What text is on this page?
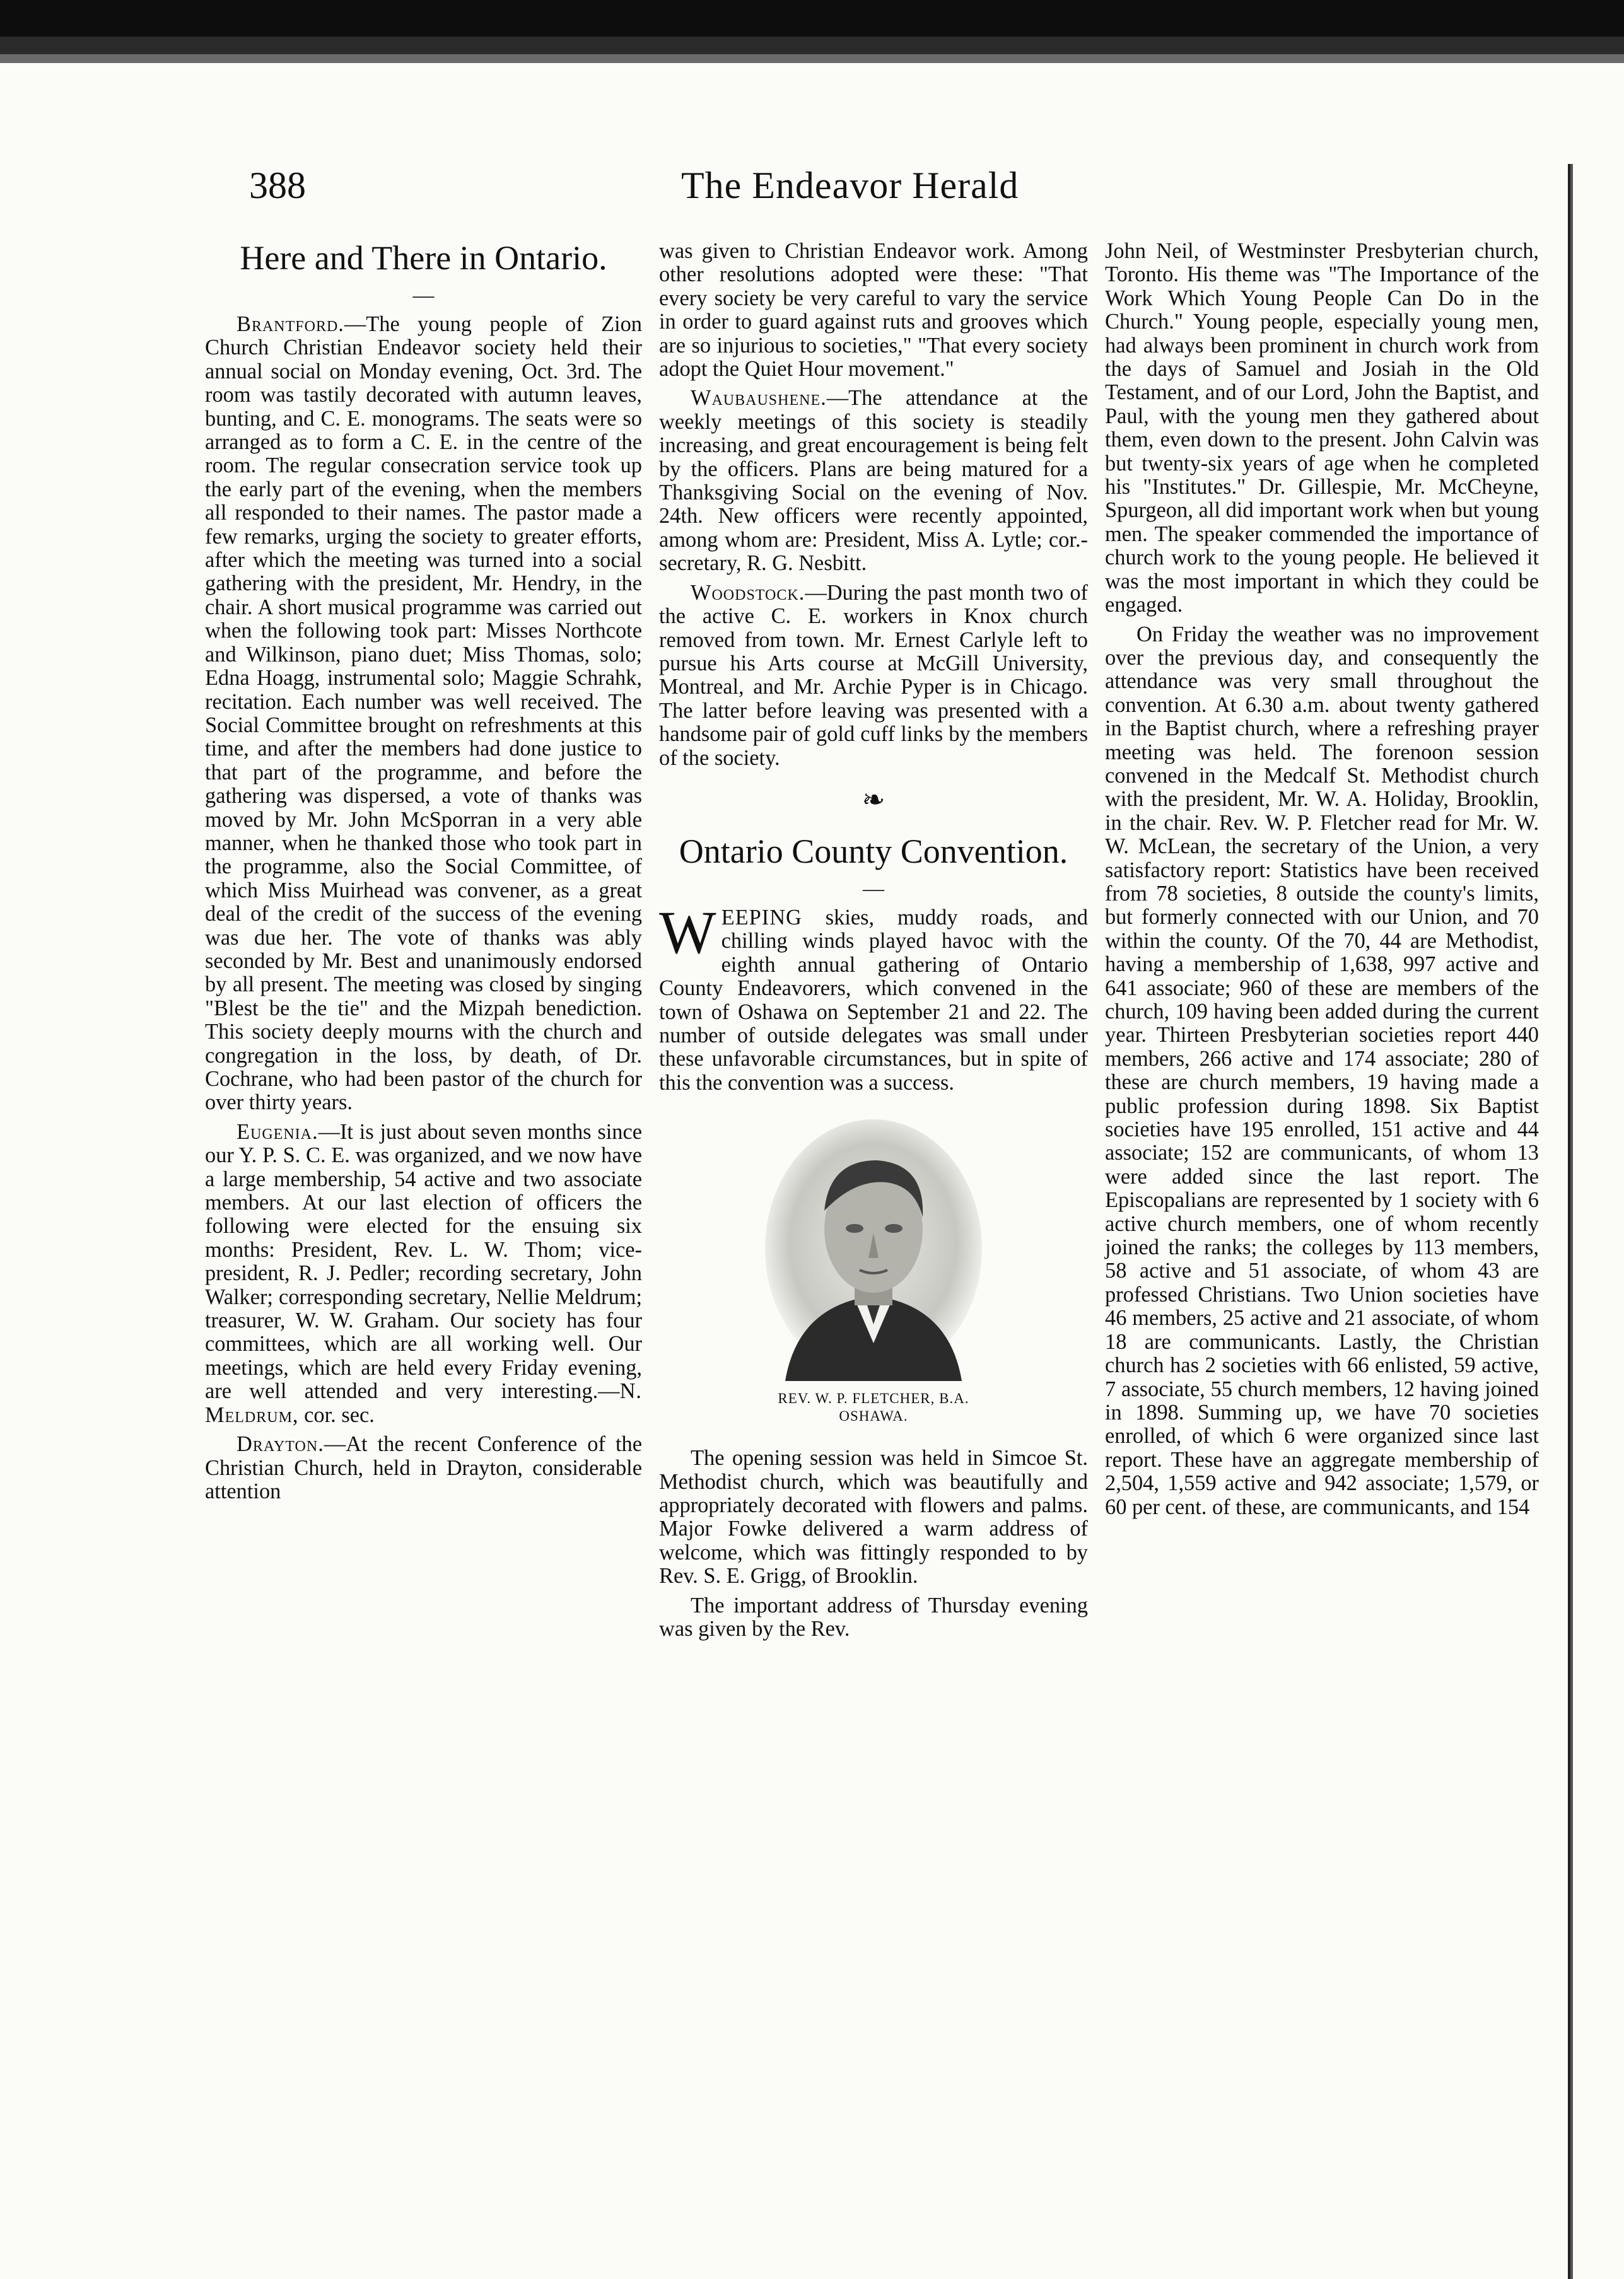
388	The Endeavor Herald
Here and There in Ontario.
—

Brantford.—The young people of Zion Church Christian Endeavor society held their annual social on Monday evening, Oct. 3rd. The room was tastily decorated with autumn leaves, bunting, and C. E. monograms. The seats were so arranged as to form a C. E. in the centre of the room. The regular consecration service took up the early part of the evening, when the members all responded to their names. The pastor made a few remarks, urging the society to greater efforts, after which the meeting was turned into a social gathering with the president, Mr. Hendry, in the chair. A short musical programme was carried out when the following took part: Misses Northcote and Wilkinson, piano duet; Miss Thomas, solo; Edna Hoagg, instrumental solo; Maggie Schrahk, recitation. Each number was well received. The Social Committee brought on refreshments at this time, and after the members had done justice to that part of the programme, and before the gathering was dispersed, a vote of thanks was moved by Mr. John McSporran in a very able manner, when he thanked those who took part in the programme, also the Social Committee, of which Miss Muirhead was convener, as a great deal of the credit of the success of the evening was due her. The vote of thanks was ably seconded by Mr. Best and unanimously endorsed by all present. The meeting was closed by singing "Blest be the tie" and the Mizpah benediction. This society deeply mourns with the church and congregation in the loss, by death, of Dr. Cochrane, who had been pastor of the church for over thirty years.

Eugenia.—It is just about seven months since our Y. P. S. C. E. was organized, and we now have a large membership, 54 active and two associate members. At our last election of officers the following were elected for the ensuing six months: President, Rev. L. W. Thom; vice-president, R. J. Pedler; recording secretary, John Walker; corresponding secretary, Nellie Meldrum; treasurer, W. W. Graham. Our society has four committees, which are all working well. Our meetings, which are held every Friday evening, are well attended and very interesting.—N. Meldrum, cor. sec.

Drayton.—At the recent Conference of the Christian Church, held in Drayton, considerable attention

was given to Christian Endeavor work. Among other resolutions adopted were these: "That every society be very careful to vary the service in order to guard against ruts and grooves which are so injurious to societies," "That every society adopt the Quiet Hour movement."

Waubaushene.—The attendance at the weekly meetings of this society is steadily increasing, and great encouragement is being felt by the officers. Plans are being matured for a Thanksgiving Social on the evening of Nov. 24th. New officers were recently appointed, among whom are: President, Miss A. Lytle; cor.-secretary, R. G. Nesbitt.

Woodstock.—During the past month two of the active C. E. workers in Knox church removed from town. Mr. Ernest Carlyle left to pursue his Arts course at McGill University, Montreal, and Mr. Archie Pyper is in Chicago. The latter before leaving was presented with a handsome pair of gold cuff links by the members of the society.

❧
Ontario County Convention.
—

WEEPING skies, muddy roads, and chilling winds played havoc with the eighth annual gathering of Ontario County Endeavorers, which convened in the town of Oshawa on September 21 and 22. The number of outside delegates was small under these unfavorable circumstances, but in spite of this the convention was a success.

REV. W. P. FLETCHER, B.A.
OSHAWA.

The opening session was held in Simcoe St. Methodist church, which was beautifully and appropriately decorated with flowers and palms. Major Fowke delivered a warm address of welcome, which was fittingly responded to by Rev. S. E. Grigg, of Brooklin.

The important address of Thursday evening was given by the Rev.

John Neil, of Westminster Presbyterian church, Toronto. His theme was "The Importance of the Work Which Young People Can Do in the Church." Young people, especially young men, had always been prominent in church work from the days of Samuel and Josiah in the Old Testament, and of our Lord, John the Baptist, and Paul, with the young men they gathered about them, even down to the present. John Calvin was but twenty-six years of age when he completed his "Institutes." Dr. Gillespie, Mr. McCheyne, Spurgeon, all did important work when but young men. The speaker commended the importance of church work to the young people. He believed it was the most important in which they could be engaged.

On Friday the weather was no improvement over the previous day, and consequently the attendance was very small throughout the convention. At 6.30 a.m. about twenty gathered in the Baptist church, where a refreshing prayer meeting was held. The forenoon session convened in the Medcalf St. Methodist church with the president, Mr. W. A. Holiday, Brooklin, in the chair. Rev. W. P. Fletcher read for Mr. W. W. McLean, the secretary of the Union, a very satisfactory report: Statistics have been received from 78 societies, 8 outside the county's limits, but formerly connected with our Union, and 70 within the county. Of the 70, 44 are Methodist, having a membership of 1,638, 997 active and 641 associate; 960 of these are members of the church, 109 having been added during the current year. Thirteen Presbyterian societies report 440 members, 266 active and 174 associate; 280 of these are church members, 19 having made a public profession during 1898. Six Baptist societies have 195 enrolled, 151 active and 44 associate; 152 are communicants, of whom 13 were added since the last report. The Episcopalians are represented by 1 society with 6 active church members, one of whom recently joined the ranks; the colleges by 113 members, 58 active and 51 associate, of whom 43 are professed Christians. Two Union societies have 46 members, 25 active and 21 associate, of whom 18 are communicants. Lastly, the Christian church has 2 societies with 66 enlisted, 59 active, 7 associate, 55 church members, 12 having joined in 1898. Summing up, we have 70 societies enrolled, of which 6 were organized since last report. These have an aggregate membership of 2,504, 1,559 active and 942 associate; 1,579, or 60 per cent. of these, are communicants, and 154
